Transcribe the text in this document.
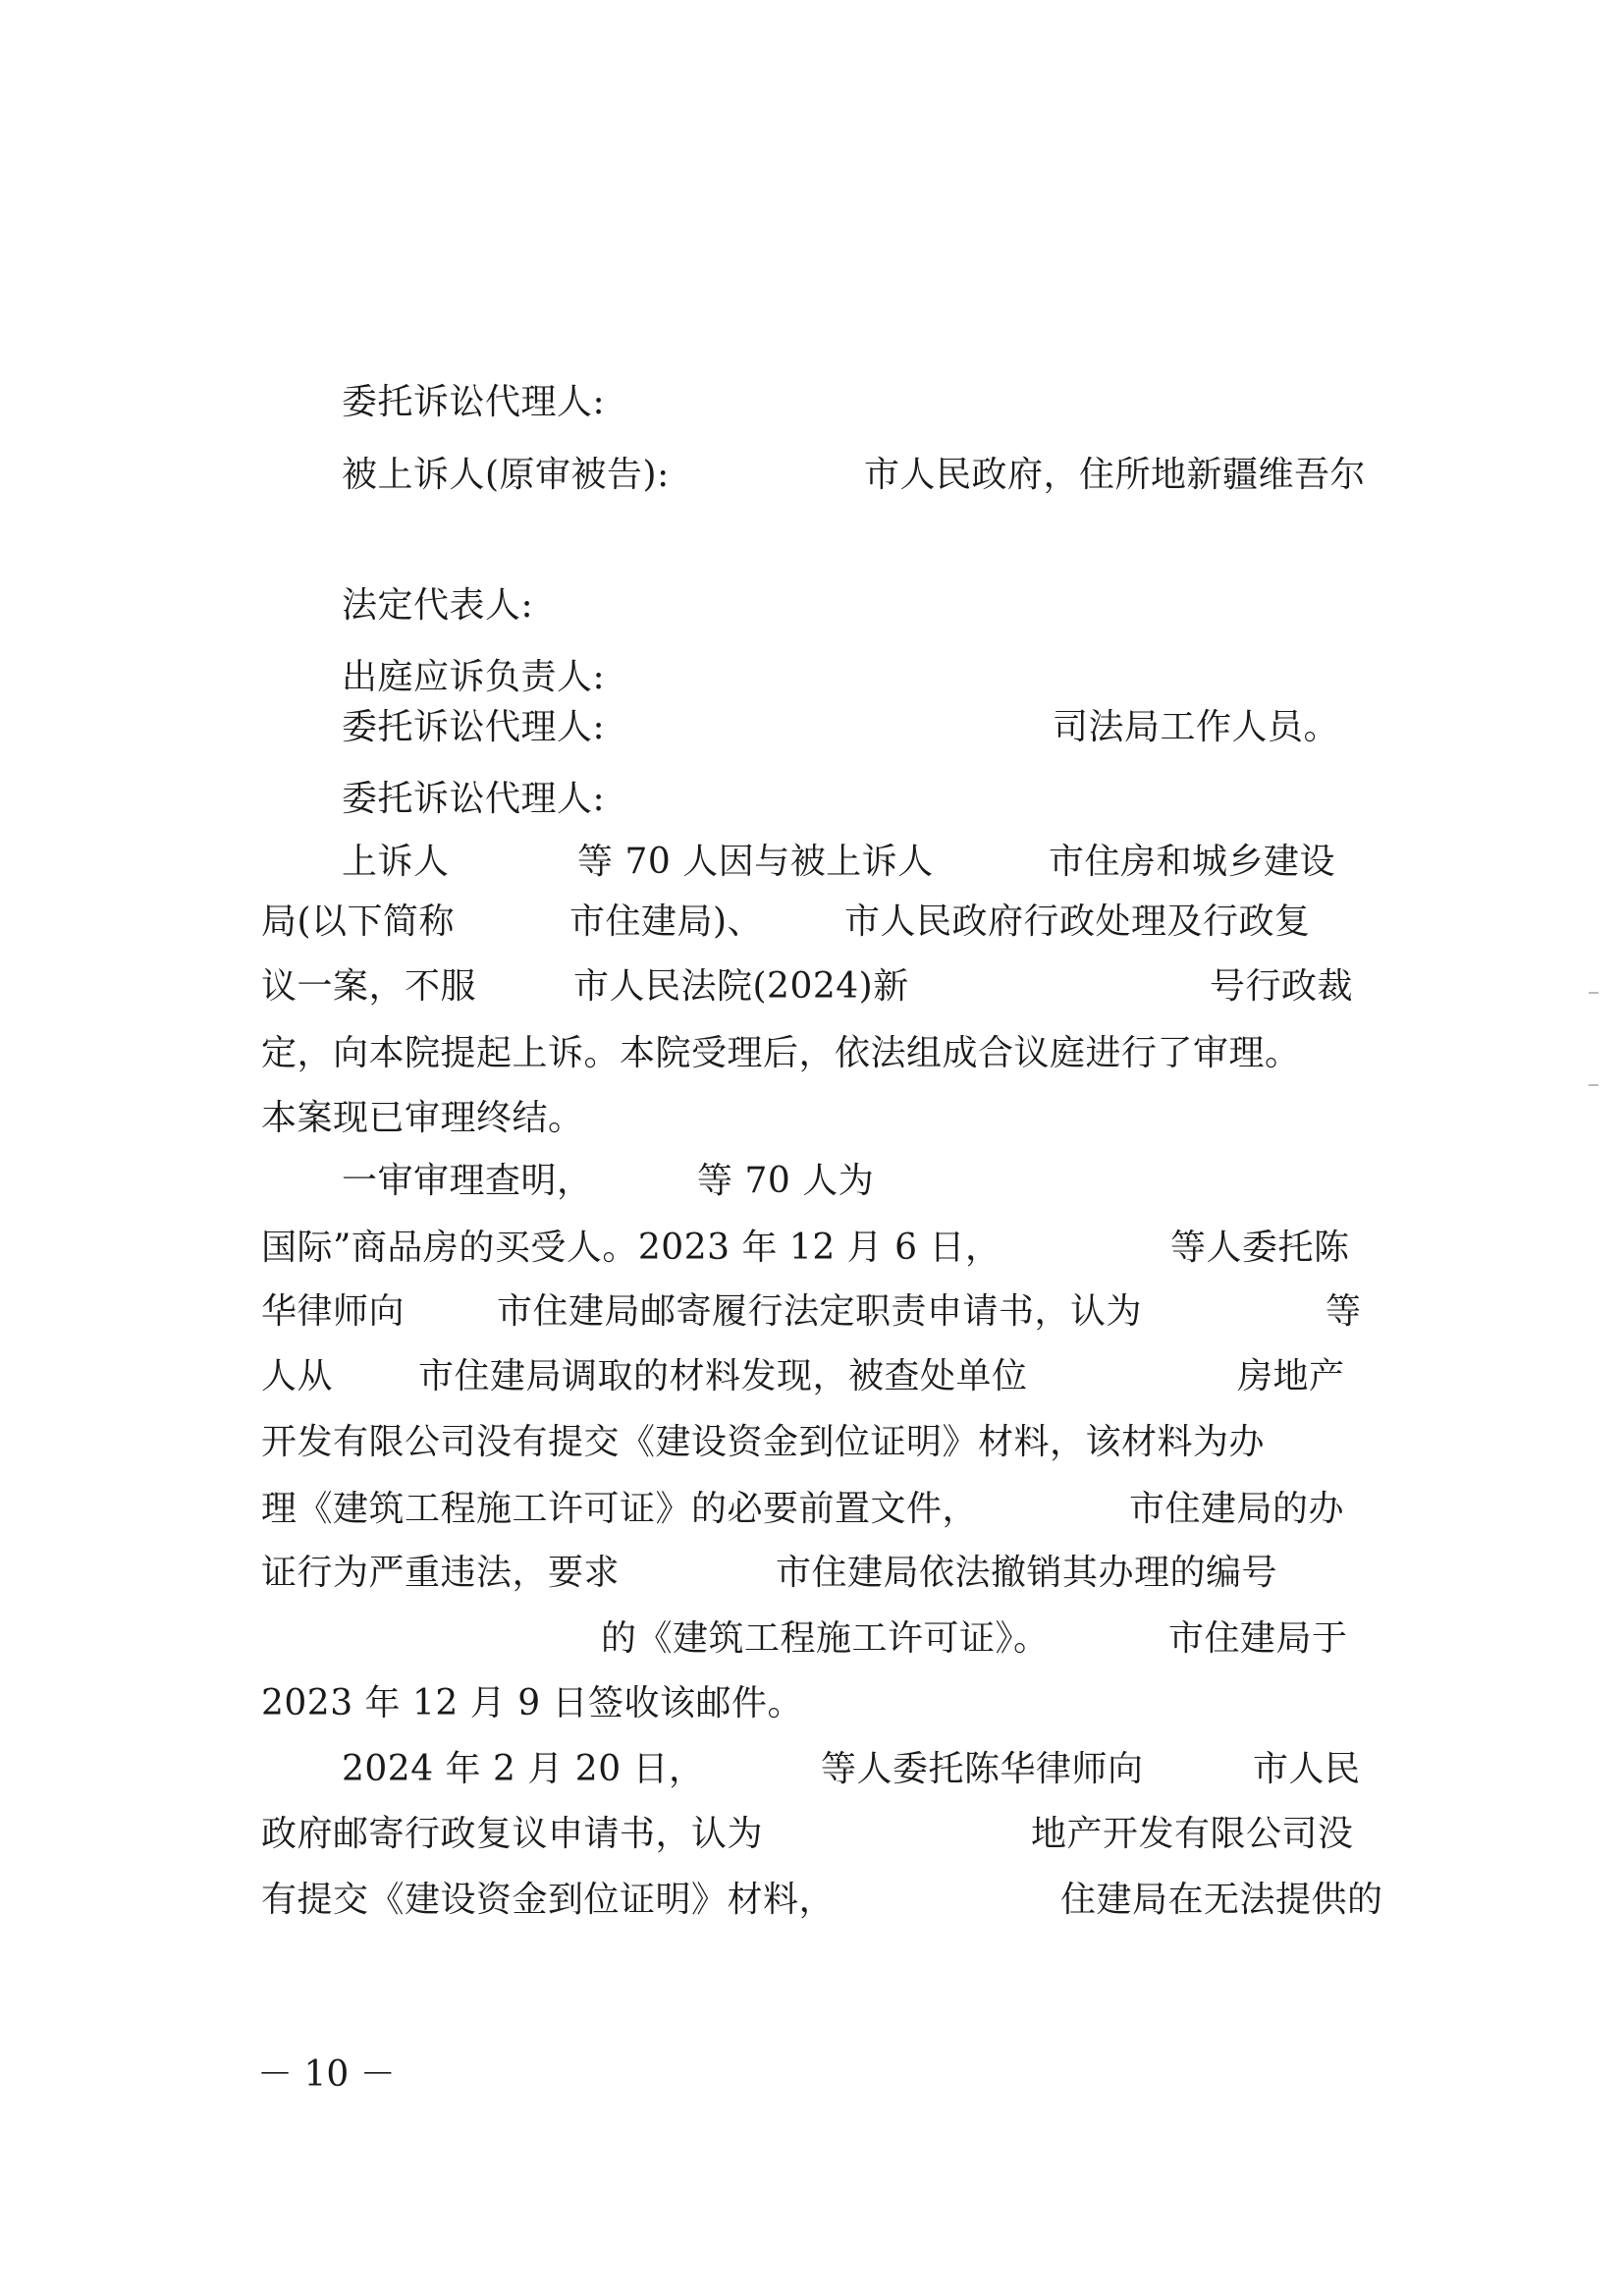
﻿
委托诉讼代理人:
被上诉人(原审被告):	市人民政府，住所地新疆维吾尔
法定代表人:
出庭应诉负责人:
委托诉讼代理人:	司法局工作人员。
委托诉讼代理人:
上诉人	等 70 人因与被上诉人	市住房和城乡建设
局(以下简称	市住建局)、 市人民政府行政处理及行政复
议一案，不服	市人民法院(2024)新	号行政裁
定，向本院提起上诉。本院受理后，依法组成合议庭进行了审理。
本案现已审理终结。
一审审理查明，	等 70 人为
国际”商品房的买受人。2023 年 12 月 6 日，	等人委托陈
华律师向	市住建局邮寄履行法定职责申请书，认为	等
人从 市住建局调取的材料发现，被查处单位	房地产
开发有限公司没有提交《建设资金到位证明》材料，该材料为办
理《建筑工程施工许可证》的必要前置文件，	市住建局的办
证行为严重违法，要求	市住建局依法撤销其办理的编号
的《建筑工程施工许可证》。	市住建局于
2023 年 12 月 9 日签收该邮件。
2024 年 2 月 20 日，	等人委托陈华律师向	市人民
政府邮寄行政复议申请书，认为	地产开发有限公司没
有提交《建设资金到位证明》材料，	住建局在无法提供的
－ 10 －
